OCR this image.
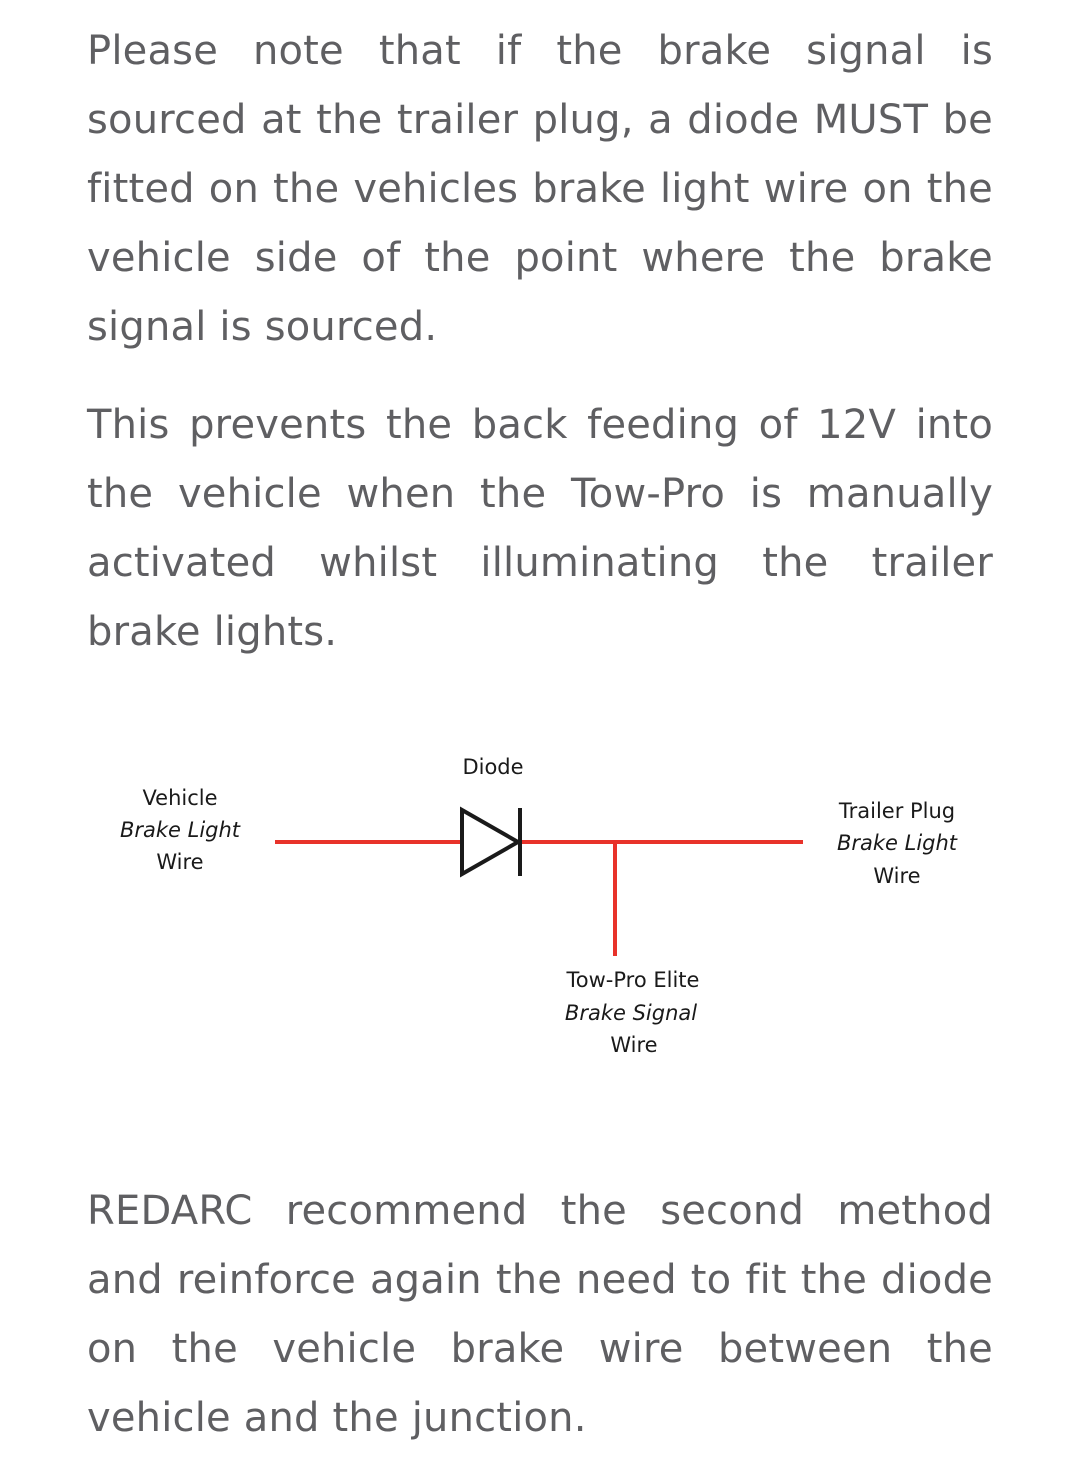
Please note that if the brake signal is sourced at the trailer plug, a diode MUST be fitted on the vehicles brake light wire on the vehicle side of the point where the brake signal is sourced.

This prevents the back feeding of 12V into the vehicle when the Tow-Pro is manually activated whilst illuminating the trailer brake lights.

Diode
Vehicle
Brake Light
Wire
Trailer Plug
Brake Light
Wire
Tow-Pro Elite
Brake Signal
Wire

REDARC recommend the second method and reinforce again the need to fit the diode on the vehicle brake wire between the vehicle and the junction.
